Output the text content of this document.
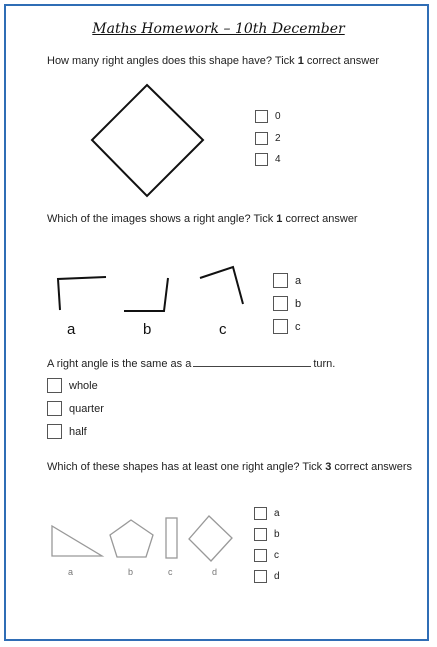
Maths Homework – 10th December
How many right angles does this shape have? Tick 1 correct answer
0
2
4
Which of the images shows a right angle? Tick 1 correct answer
a	b	c
a
b
c
A right angle is the same as a	turn.
whole
quarter
half
Which of these shapes has at least one right angle? Tick 3 correct answers
a	b	c	d
a
b
c
d
